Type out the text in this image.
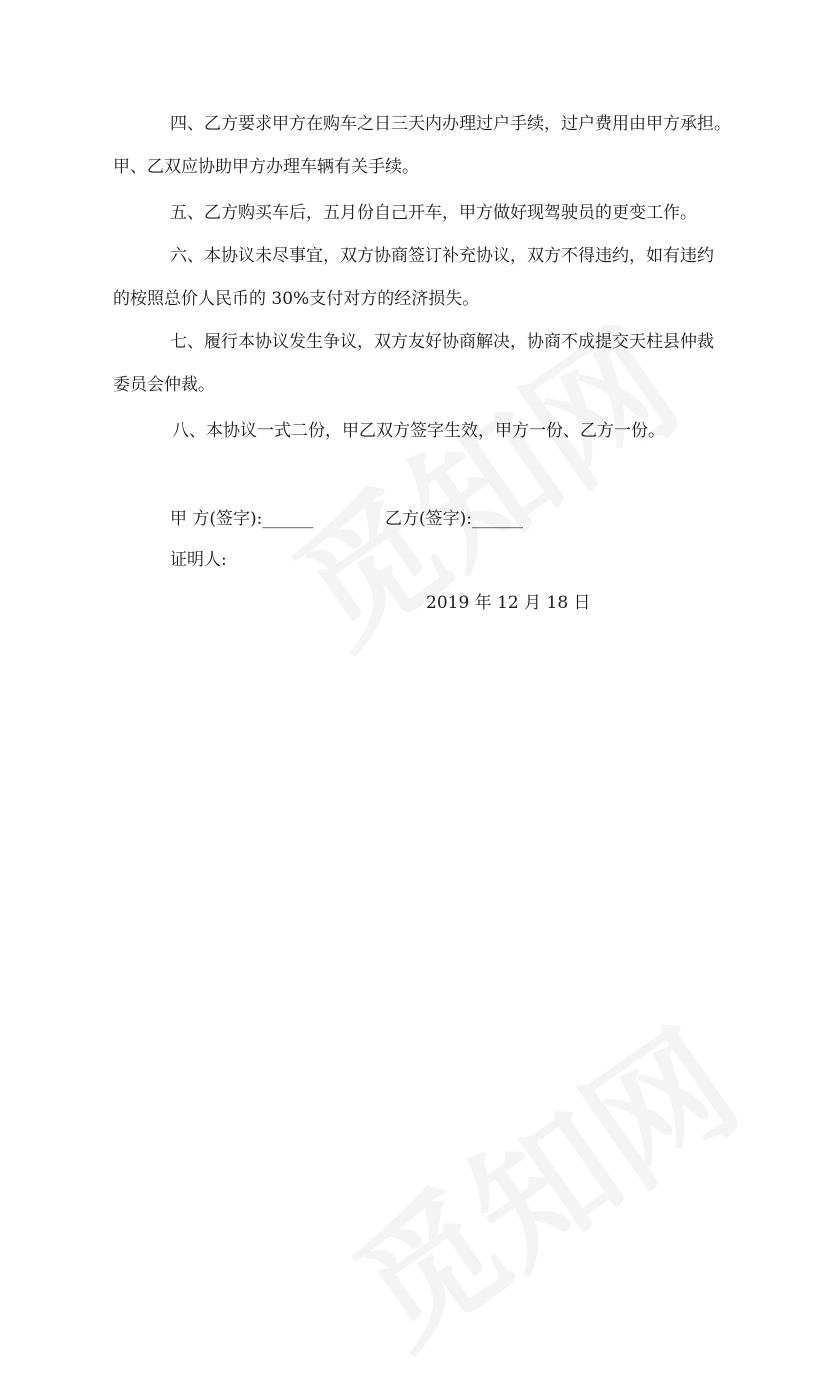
四、乙方要求甲方在购车之日三天内办理过户手续，过户费用由甲方承担。
甲、乙双应协助甲方办理车辆有关手续。
五、乙方购买车后，五月份自己开车，甲方做好现驾驶员的更变工作。
六、本协议未尽事宜，双方协商签订补充协议，双方不得违约，如有违约
的桉照总价人民币的 30%支付对方的经济损失。
七、履行本协议发生争议，双方友好协商解决，协商不成提交天柱县仲裁
委员会仲裁。
八、本协议一式二份，甲乙双方签字生效，甲方一份、乙方一份。
甲 方(签字):______	乙方(签字):______
证明人:
2019 年 12 月 18 日
